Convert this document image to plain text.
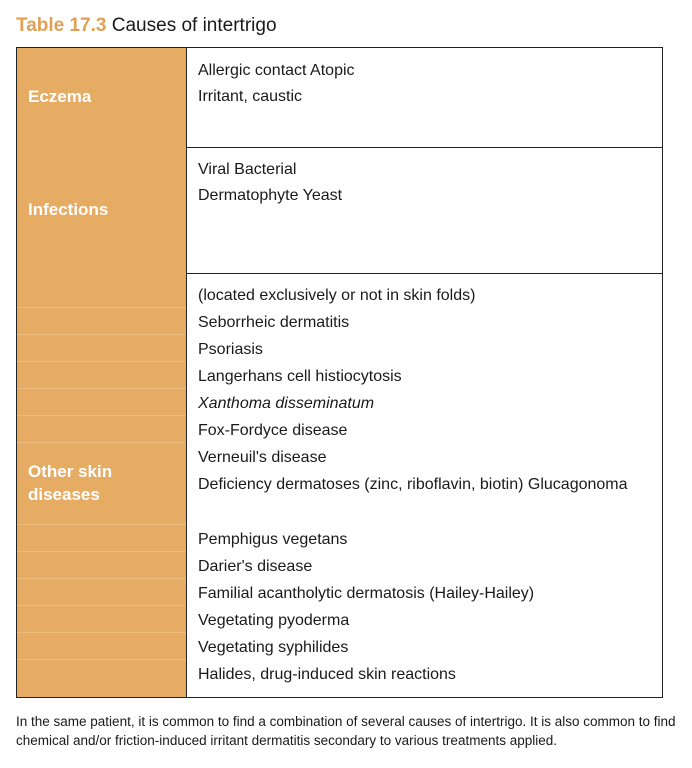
Table 17.3 Causes of intertrigo
Eczema
Allergic contact Atopic
Irritant, caustic
Infections
Viral Bacterial
Dermatophyte Yeast
Other skin
diseases
(located exclusively or not in skin folds)
Seborrheic dermatitis
Psoriasis
Langerhans cell histiocytosis
Xanthoma disseminatum
Fox-Fordyce disease
Verneuil's disease
Deficiency dermatoses (zinc, riboflavin, biotin) Glucagonoma
Pemphigus vegetans
Darier's disease
Familial acantholytic dermatosis (Hailey-Hailey)
Vegetating pyoderma
Vegetating syphilides
Halides, drug-induced skin reactions
In the same patient, it is common to find a combination of several causes of intertrigo. It is also common to find chemical and/or friction-induced irritant dermatitis secondary to various treatments applied.
